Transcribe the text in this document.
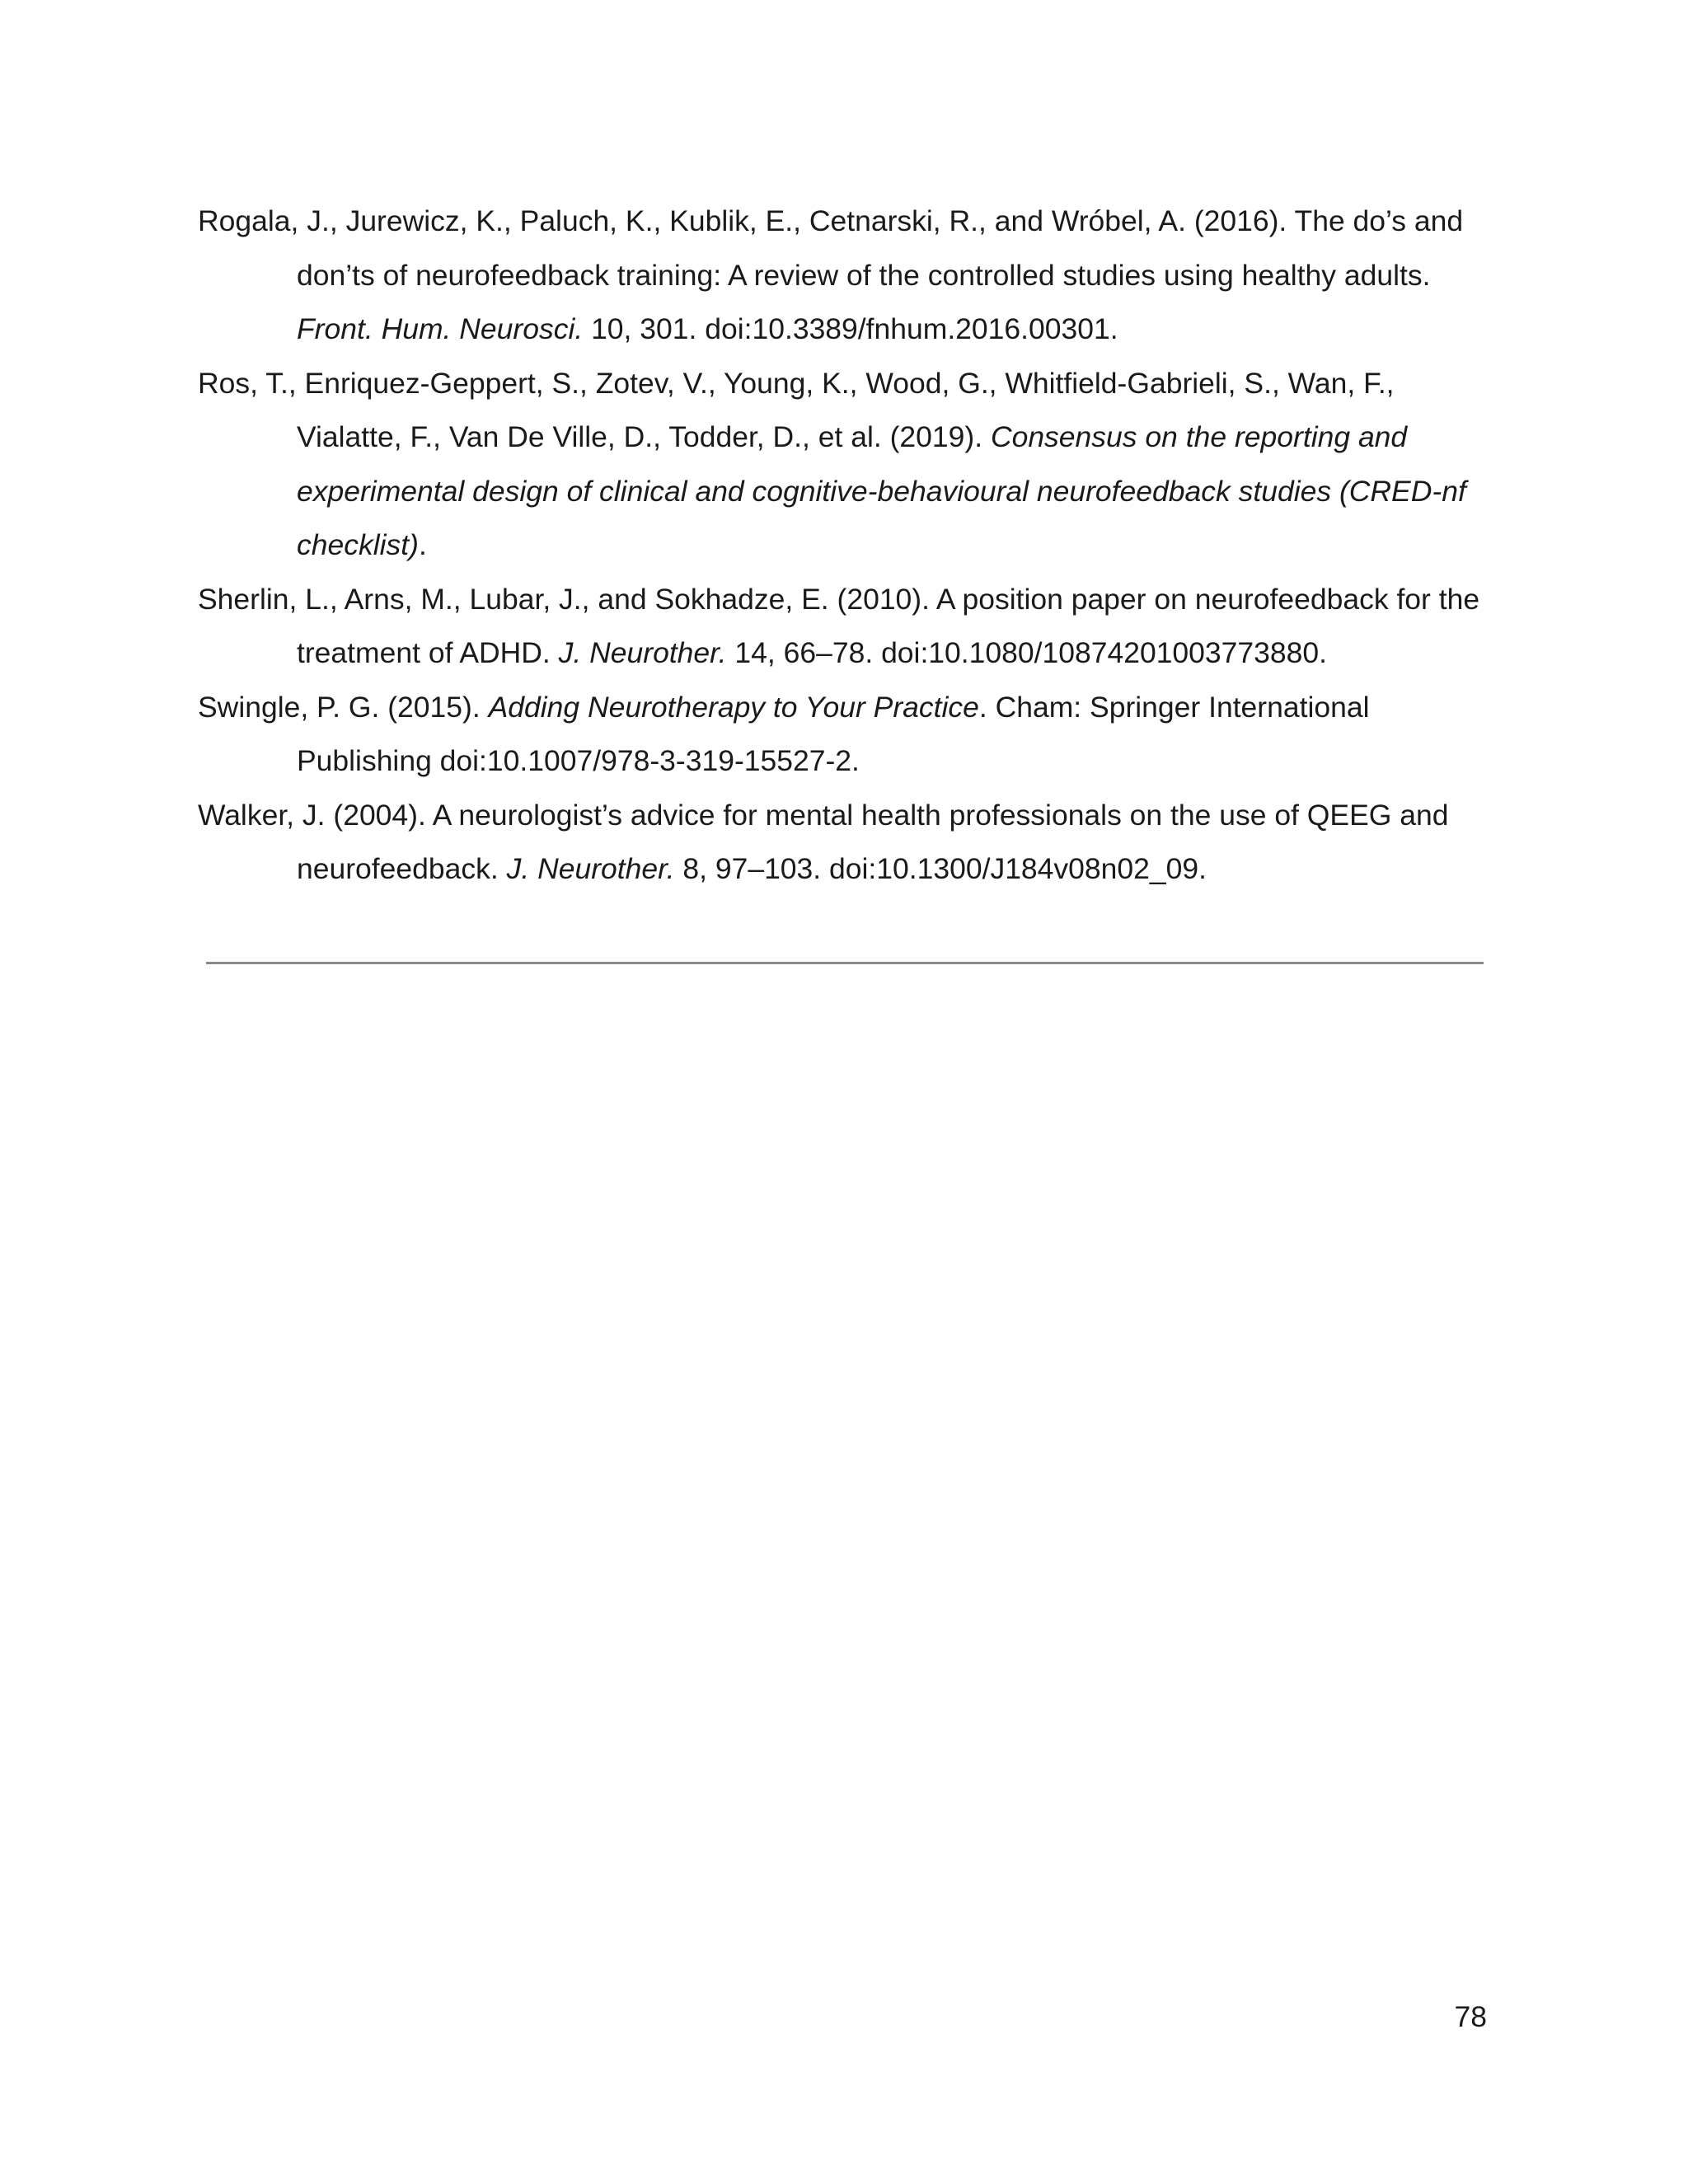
Rogala, J., Jurewicz, K., Paluch, K., Kublik, E., Cetnarski, R., and Wróbel, A. (2016). The do’s and don’ts of neurofeedback training: A review of the controlled studies using healthy adults. Front. Hum. Neurosci. 10, 301. doi:10.3389/fnhum.2016.00301.

Ros, T., Enriquez-Geppert, S., Zotev, V., Young, K., Wood, G., Whitfield-Gabrieli, S., Wan, F., Vialatte, F., Van De Ville, D., Todder, D., et al. (2019). Consensus on the reporting and experimental design of clinical and cognitive-behavioural neurofeedback studies (CRED-nf checklist).

Sherlin, L., Arns, M., Lubar, J., and Sokhadze, E. (2010). A position paper on neurofeedback for the treatment of ADHD. J. Neurother. 14, 66–78. doi:10.1080/10874201003773880.

Swingle, P. G. (2015). Adding Neurotherapy to Your Practice. Cham: Springer International Publishing doi:10.1007/978-3-319-15527-2.

Walker, J. (2004). A neurologist’s advice for mental health professionals on the use of QEEG and neurofeedback. J. Neurother. 8, 97–103. doi:10.1300/J184v08n02_09.

78
